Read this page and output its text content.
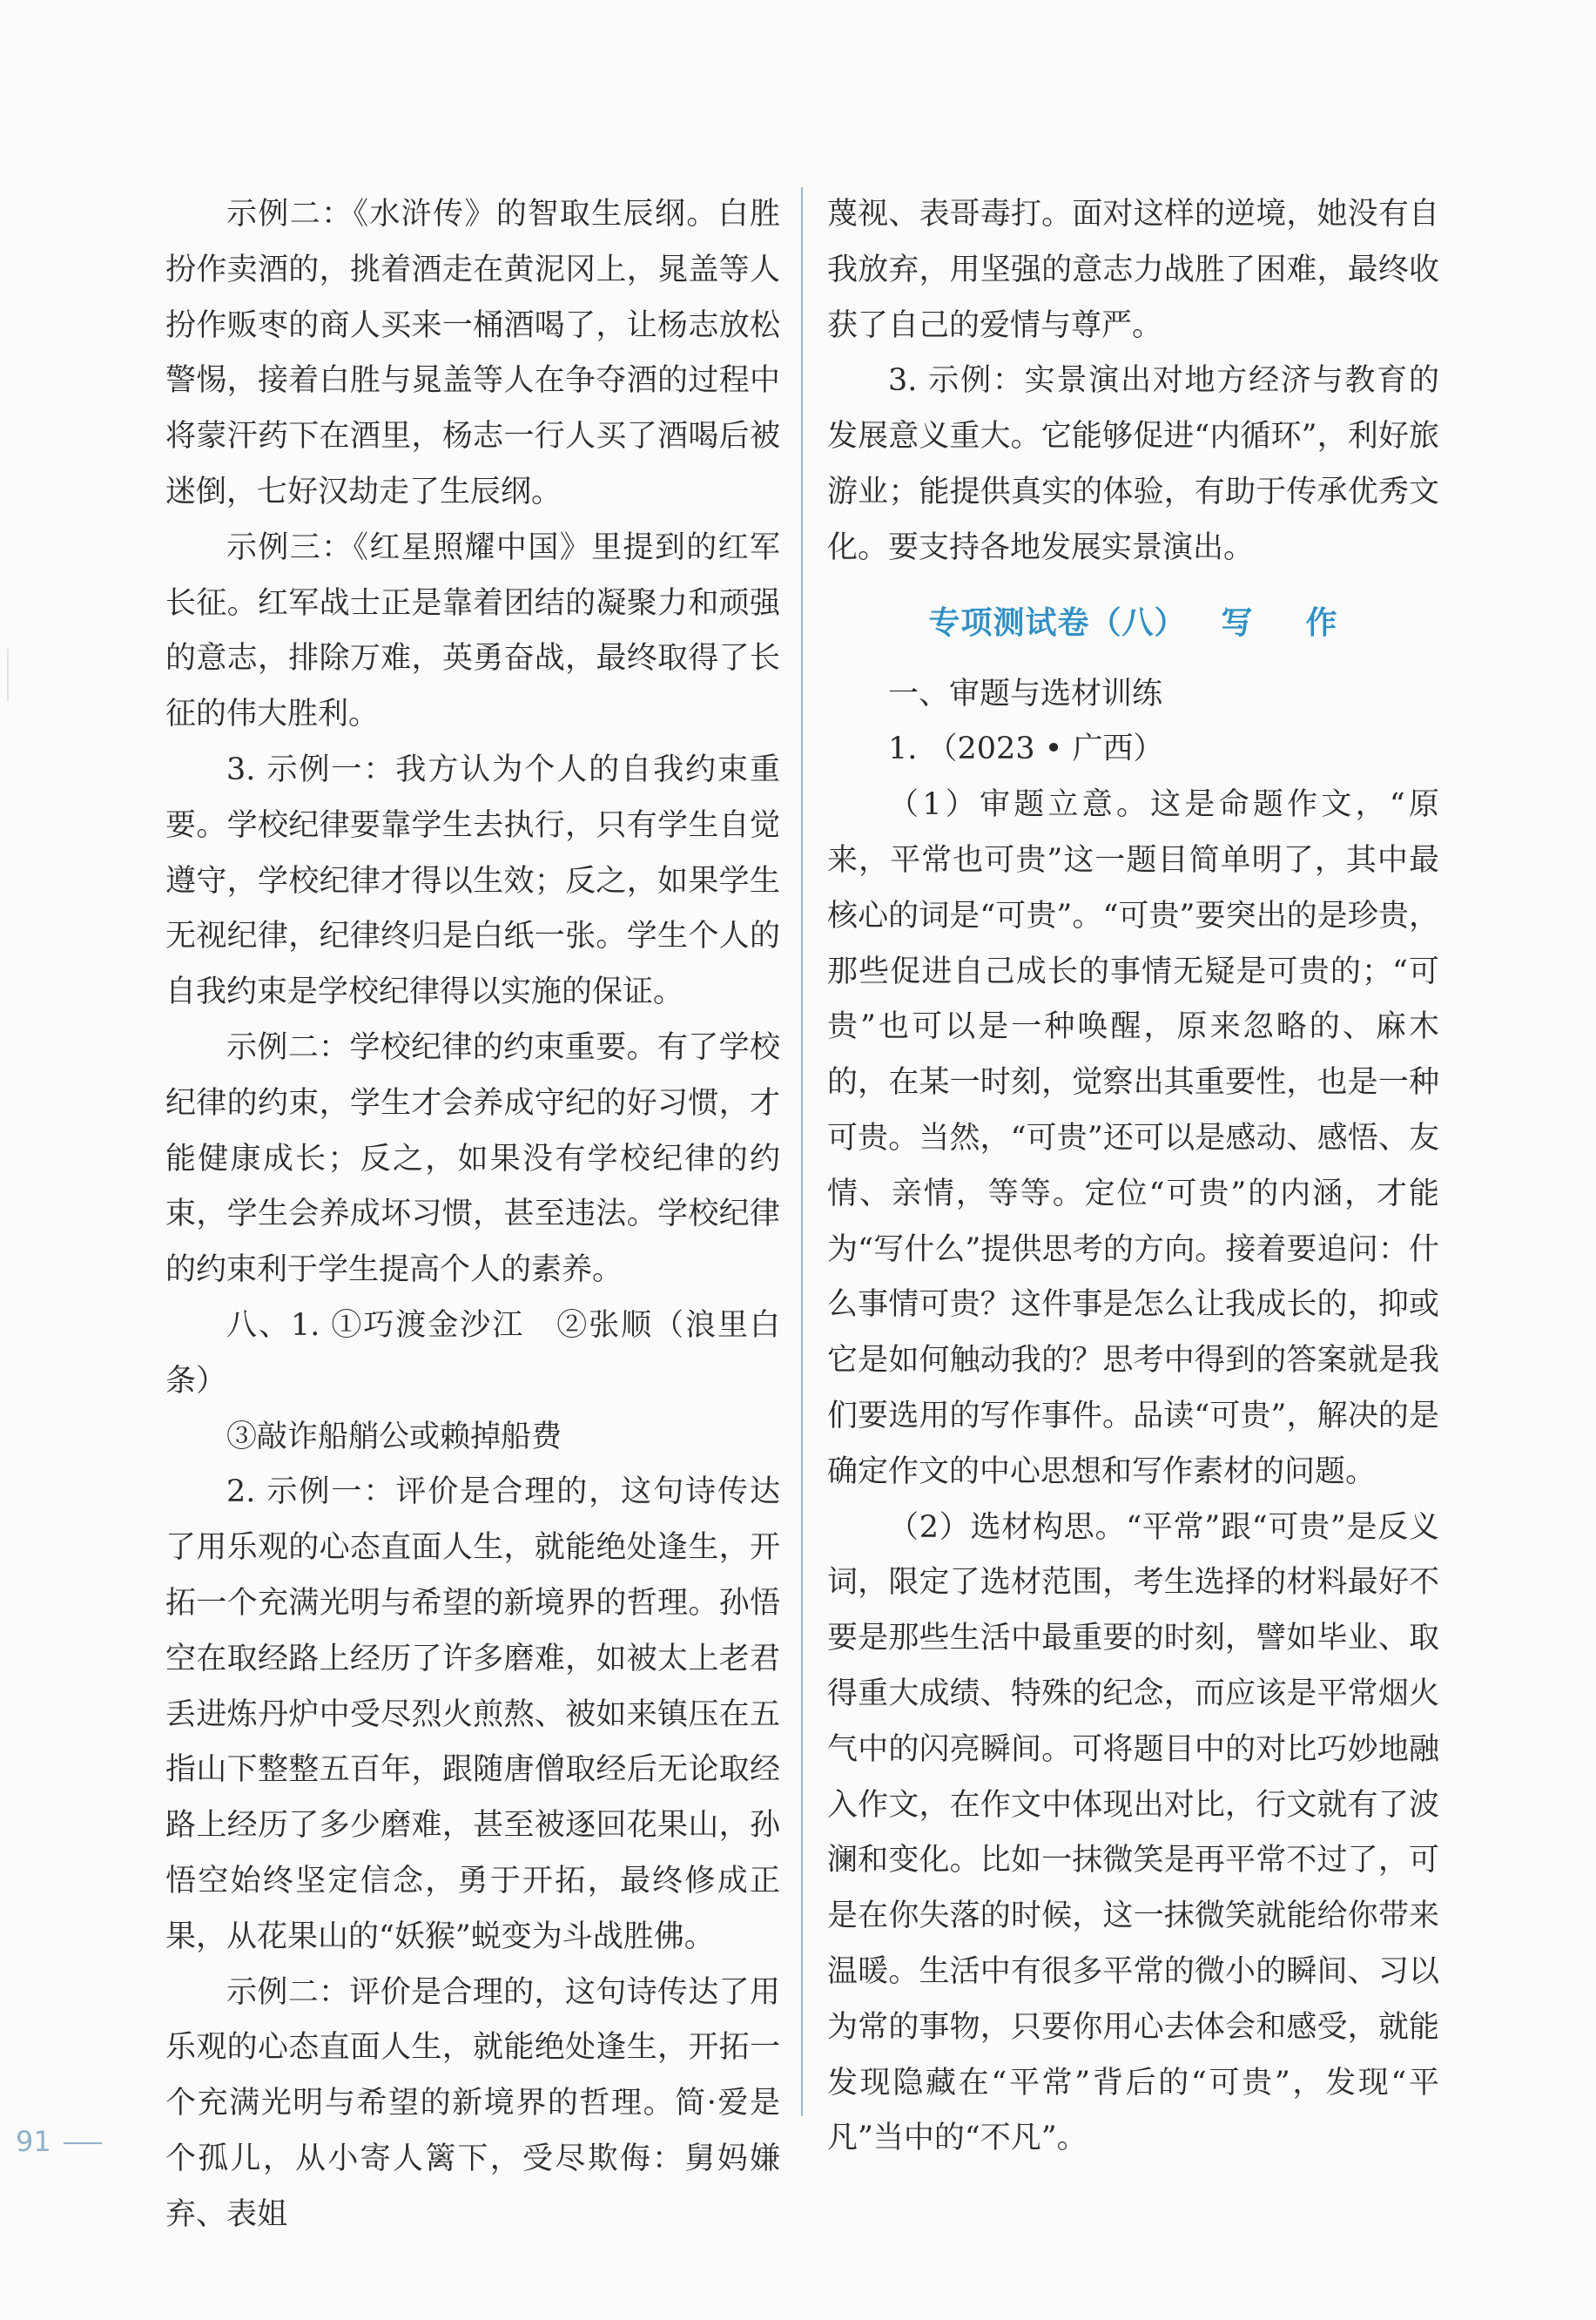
示例二：《水浒传》的智取生辰纲。白胜扮作卖酒的，挑着酒走在黄泥冈上，晁盖等人扮作贩枣的商人买来一桶酒喝了，让杨志放松警惕，接着白胜与晁盖等人在争夺酒的过程中将蒙汗药下在酒里，杨志一行人买了酒喝后被迷倒，七好汉劫走了生辰纲。

示例三：《红星照耀中国》里提到的红军长征。红军战士正是靠着团结的凝聚力和顽强的意志，排除万难，英勇奋战，最终取得了长征的伟大胜利。

3. 示例一：我方认为个人的自我约束重要。学校纪律要靠学生去执行，只有学生自觉遵守，学校纪律才得以生效；反之，如果学生无视纪律，纪律终归是白纸一张。学生个人的自我约束是学校纪律得以实施的保证。

示例二：学校纪律的约束重要。有了学校纪律的约束，学生才会养成守纪的好习惯，才能健康成长；反之，如果没有学校纪律的约束，学生会养成坏习惯，甚至违法。学校纪律的约束利于学生提高个人的素养。

八、1. ①巧渡金沙江　②张顺（浪里白条）

③敲诈船艄公或赖掉船费

2. 示例一：评价是合理的，这句诗传达了用乐观的心态直面人生，就能绝处逢生，开拓一个充满光明与希望的新境界的哲理。孙悟空在取经路上经历了许多磨难，如被太上老君丢进炼丹炉中受尽烈火煎熬、被如来镇压在五指山下整整五百年，跟随唐僧取经后无论取经路上经历了多少磨难，甚至被逐回花果山，孙悟空始终坚定信念，勇于开拓，最终修成正果，从花果山的“妖猴”蜕变为斗战胜佛。

示例二：评价是合理的，这句诗传达了用乐观的心态直面人生，就能绝处逢生，开拓一个充满光明与希望的新境界的哲理。简·爱是个孤儿，从小寄人篱下，受尽欺侮：舅妈嫌弃、表姐

蔑视、表哥毒打。面对这样的逆境，她没有自我放弃，用坚强的意志力战胜了困难，最终收获了自己的爱情与尊严。

3. 示例：实景演出对地方经济与教育的发展意义重大。它能够促进“内循环”，利好旅游业；能提供真实的体验，有助于传承优秀文化。要支持各地发展实景演出。

专项测试卷（八） 写 作

一、审题与选材训练

1. （2023 • 广西）

（1）审题立意。这是命题作文，“原来，平常也可贵”这一题目简单明了，其中最核心的词是“可贵”。“可贵”要突出的是珍贵，那些促进自己成长的事情无疑是可贵的；“可贵”也可以是一种唤醒，原来忽略的、麻木的，在某一时刻，觉察出其重要性，也是一种可贵。当然，“可贵”还可以是感动、感悟、友情、亲情，等等。定位“可贵”的内涵，才能为“写什么”提供思考的方向。接着要追问：什么事情可贵？这件事是怎么让我成长的，抑或它是如何触动我的？思考中得到的答案就是我们要选用的写作事件。品读“可贵”，解决的是确定作文的中心思想和写作素材的问题。

（2）选材构思。“平常”跟“可贵”是反义词，限定了选材范围，考生选择的材料最好不要是那些生活中最重要的时刻，譬如毕业、取得重大成绩、特殊的纪念，而应该是平常烟火气中的闪亮瞬间。可将题目中的对比巧妙地融入作文，在作文中体现出对比，行文就有了波澜和变化。比如一抹微笑是再平常不过了，可是在你失落的时候，这一抹微笑就能给你带来温暖。生活中有很多平常的微小的瞬间、习以为常的事物，只要你用心去体会和感受，就能发现隐藏在“平常”背后的“可贵”，发现“平凡”当中的“不凡”。

91
